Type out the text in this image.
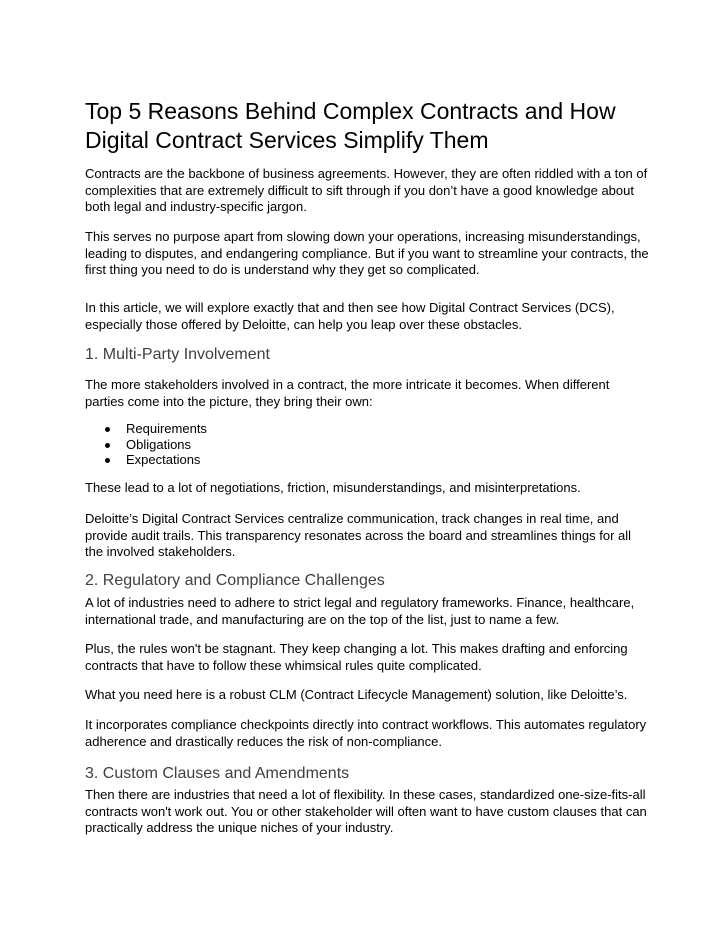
Top 5 Reasons Behind Complex Contracts and How Digital Contract Services Simplify Them

Contracts are the backbone of business agreements. However, they are often riddled with a ton of complexities that are extremely difficult to sift through if you don’t have a good knowledge about both legal and industry-specific jargon.

This serves no purpose apart from slowing down your operations, increasing misunderstandings, leading to disputes, and endangering compliance. But if you want to streamline your contracts, the first thing you need to do is understand why they get so complicated.

In this article, we will explore exactly that and then see how Digital Contract Services (DCS), especially those offered by Deloitte, can help you leap over these obstacles.

1. Multi-Party Involvement

The more stakeholders involved in a contract, the more intricate it becomes. When different parties come into the picture, they bring their own:

Requirements
Obligations
Expectations

These lead to a lot of negotiations, friction, misunderstandings, and misinterpretations.

Deloitte’s Digital Contract Services centralize communication, track changes in real time, and provide audit trails. This transparency resonates across the board and streamlines things for all the involved stakeholders.

2. Regulatory and Compliance Challenges

A lot of industries need to adhere to strict legal and regulatory frameworks. Finance, healthcare, international trade, and manufacturing are on the top of the list, just to name a few.

Plus, the rules won't be stagnant. They keep changing a lot. This makes drafting and enforcing contracts that have to follow these whimsical rules quite complicated.

What you need here is a robust CLM (Contract Lifecycle Management) solution, like Deloitte’s.

It incorporates compliance checkpoints directly into contract workflows. This automates regulatory adherence and drastically reduces the risk of non-compliance.

3. Custom Clauses and Amendments

Then there are industries that need a lot of flexibility. In these cases, standardized one-size-fits-all contracts won't work out. You or other stakeholder will often want to have custom clauses that can practically address the unique niches of your industry.
